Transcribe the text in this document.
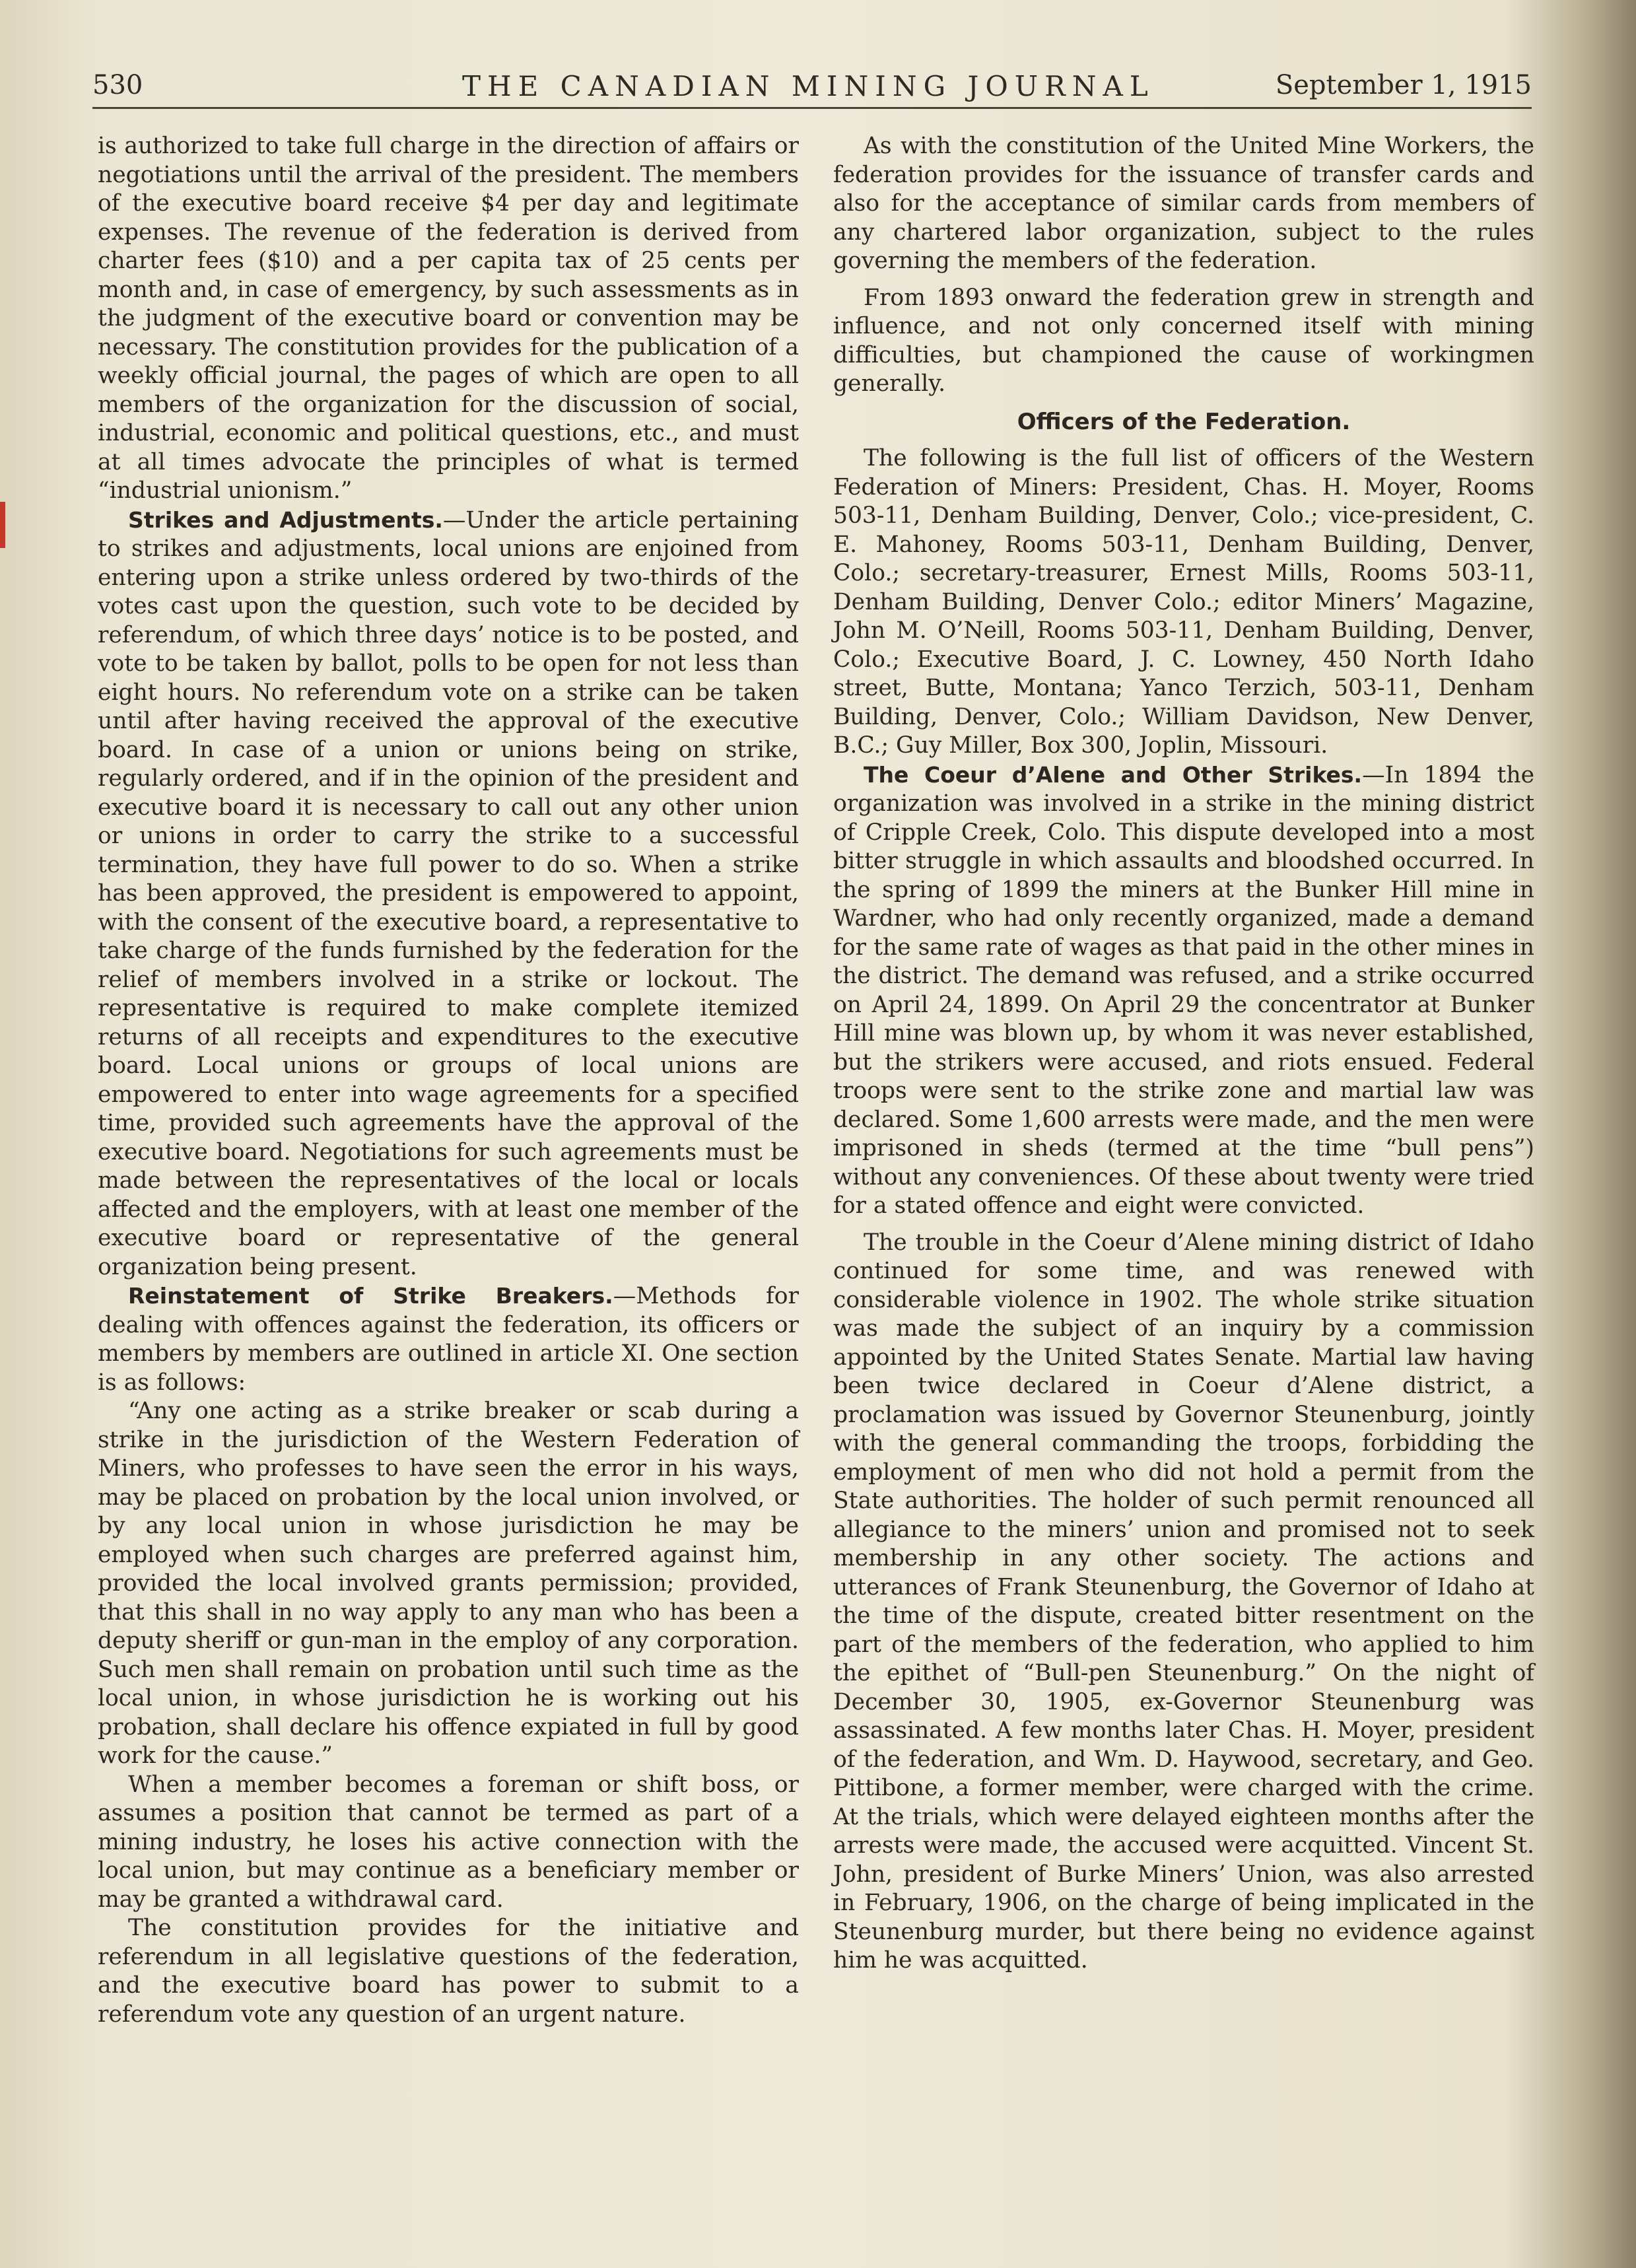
530	THE CANADIAN MINING JOURNAL	September 1, 1915

is authorized to take full charge in the direction of affairs or negotiations until the arrival of the president. The members of the executive board receive $4 per day and legitimate expenses. The revenue of the federation is derived from charter fees ($10) and a per capita tax of 25 cents per month and, in case of emergency, by such assessments as in the judgment of the executive board or convention may be necessary. The constitution provides for the publication of a weekly official journal, the pages of which are open to all members of the organization for the discussion of social, industrial, economic and political questions, etc., and must at all times advocate the principles of what is termed “industrial unionism.”

Strikes and Adjustments.—Under the article pertaining to strikes and adjustments, local unions are enjoined from entering upon a strike unless ordered by two-thirds of the votes cast upon the question, such vote to be decided by referendum, of which three days’ notice is to be posted, and vote to be taken by ballot, polls to be open for not less than eight hours. No referendum vote on a strike can be taken until after having received the approval of the executive board. In case of a union or unions being on strike, regularly ordered, and if in the opinion of the president and executive board it is necessary to call out any other union or unions in order to carry the strike to a successful termination, they have full power to do so. When a strike has been approved, the president is empowered to appoint, with the consent of the executive board, a representative to take charge of the funds furnished by the federation for the relief of members involved in a strike or lockout. The representative is required to make complete itemized returns of all receipts and expenditures to the executive board. Local unions or groups of local unions are empowered to enter into wage agreements for a specified time, provided such agreements have the approval of the executive board. Negotiations for such agreements must be made between the representatives of the local or locals affected and the employers, with at least one member of the executive board or representative of the general organization being present.

Reinstatement of Strike Breakers.—Methods for dealing with offences against the federation, its officers or members by members are outlined in article XI. One section is as follows:

“Any one acting as a strike breaker or scab during a strike in the jurisdiction of the Western Federation of Miners, who professes to have seen the error in his ways, may be placed on probation by the local union involved, or by any local union in whose jurisdiction he may be employed when such charges are preferred against him, provided the local involved grants permission; provided, that this shall in no way apply to any man who has been a deputy sheriff or gun-man in the employ of any corporation. Such men shall remain on probation until such time as the local union, in whose jurisdiction he is working out his probation, shall declare his offence expiated in full by good work for the cause.”

When a member becomes a foreman or shift boss, or assumes a position that cannot be termed as part of a mining industry, he loses his active connection with the local union, but may continue as a beneficiary member or may be granted a withdrawal card.

The constitution provides for the initiative and referendum in all legislative questions of the federation, and the executive board has power to submit to a referendum vote any question of an urgent nature.

As with the constitution of the United Mine Workers, the federation provides for the issuance of transfer cards and also for the acceptance of similar cards from members of any chartered labor organization, subject to the rules governing the members of the federation.

From 1893 onward the federation grew in strength and influence, and not only concerned itself with mining difficulties, but championed the cause of workingmen generally.

Officers of the Federation.

The following is the full list of officers of the Western Federation of Miners: President, Chas. H. Moyer, Rooms 503-11, Denham Building, Denver, Colo.; vice-president, C. E. Mahoney, Rooms 503-11, Denham Building, Denver, Colo.; secretary-treasurer, Ernest Mills, Rooms 503-11, Denham Building, Denver Colo.; editor Miners’ Magazine, John M. O’Neill, Rooms 503-11, Denham Building, Denver, Colo.; Executive Board, J. C. Lowney, 450 North Idaho street, Butte, Montana; Yanco Terzich, 503-11, Denham Building, Denver, Colo.; William Davidson, New Denver, B.C.; Guy Miller, Box 300, Joplin, Missouri.

The Coeur d’Alene and Other Strikes.—In 1894 the organization was involved in a strike in the mining district of Cripple Creek, Colo. This dispute developed into a most bitter struggle in which assaults and bloodshed occurred. In the spring of 1899 the miners at the Bunker Hill mine in Wardner, who had only recently organized, made a demand for the same rate of wages as that paid in the other mines in the district. The demand was refused, and a strike occurred on April 24, 1899. On April 29 the concentrator at Bunker Hill mine was blown up, by whom it was never established, but the strikers were accused, and riots ensued. Federal troops were sent to the strike zone and martial law was declared. Some 1,600 arrests were made, and the men were imprisoned in sheds (termed at the time “bull pens”) without any conveniences. Of these about twenty were tried for a stated offence and eight were convicted.

The trouble in the Coeur d’Alene mining district of Idaho continued for some time, and was renewed with considerable violence in 1902. The whole strike situation was made the subject of an inquiry by a commission appointed by the United States Senate. Martial law having been twice declared in Coeur d’Alene district, a proclamation was issued by Governor Steunenburg, jointly with the general commanding the troops, forbidding the employment of men who did not hold a permit from the State authorities. The holder of such permit renounced all allegiance to the miners’ union and promised not to seek membership in any other society. The actions and utterances of Frank Steunenburg, the Governor of Idaho at the time of the dispute, created bitter resentment on the part of the members of the federation, who applied to him the epithet of “Bull-pen Steunenburg.” On the night of December 30, 1905, ex-Governor Steunenburg was assassinated. A few months later Chas. H. Moyer, president of the federation, and Wm. D. Haywood, secretary, and Geo. Pittibone, a former member, were charged with the crime. At the trials, which were delayed eighteen months after the arrests were made, the accused were acquitted. Vincent St. John, president of Burke Miners’ Union, was also arrested in February, 1906, on the charge of being implicated in the Steunenburg murder, but there being no evidence against him he was acquitted.
